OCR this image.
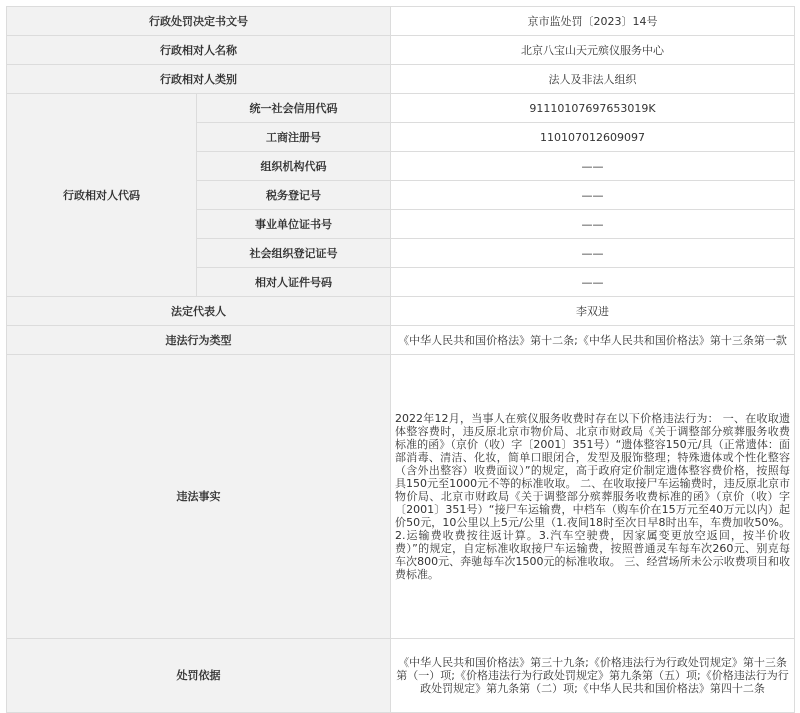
行政处罚决定书文号		京市监处罚〔2023〕14号
行政相对人名称		北京八宝山天元殡仪服务中心
行政相对人类别		法人及非法人组织
行政相对人代码	统一社会信用代码	91110107697653019K
	工商注册号	110107012609097
	组织机构代码	——
	税务登记号	——
	事业单位证书号	——
	社会组织登记证号	——
	相对人证件号码	——
法定代表人		李双进
违法行为类型		《中华人民共和国价格法》第十二条;《中华人民共和国价格法》第十三条第一款
违法事实		2022年12月，当事人在殡仪服务收费时存在以下价格违法行为： 一、在收取遗体整容费时，违反原北京市物价局、北京市财政局《关于调整部分殡葬服务收费标准的函》（京价（收）字〔2001〕351号）“遗体整容150元/具（正常遗体：面部消毒、清洁、化妆，简单口眼闭合，发型及服饰整理；特殊遗体或个性化整容（含外出整容）收费面议）”的规定，高于政府定价制定遗体整容费价格，按照每具150元至1000元不等的标准收取。 二、在收取接尸车运输费时，违反原北京市物价局、北京市财政局《关于调整部分殡葬服务收费标准的函》（京价（收）字〔2001〕351号）“接尸车运输费，中档车（购车价在15万元至40万元以内）起价50元，10公里以上5元/公里（1.夜间18时至次日早8时出车，车费加收50%。2.运输费收费按往返计算。3.汽车空驶费，因家属变更放空返回，按半价收费）”的规定，自定标准收取接尸车运输费，按照普通灵车每车次260元、别克每车次800元、奔驰每车次1500元的标准收取。 三、经营场所未公示收费项目和收费标准。
处罚依据		《中华人民共和国价格法》第三十九条;《价格违法行为行政处罚规定》第十三条第（一）项;《价格违法行为行政处罚规定》第九条第（五）项;《价格违法行为行政处罚规定》第九条第（二）项;《中华人民共和国价格法》第四十二条
